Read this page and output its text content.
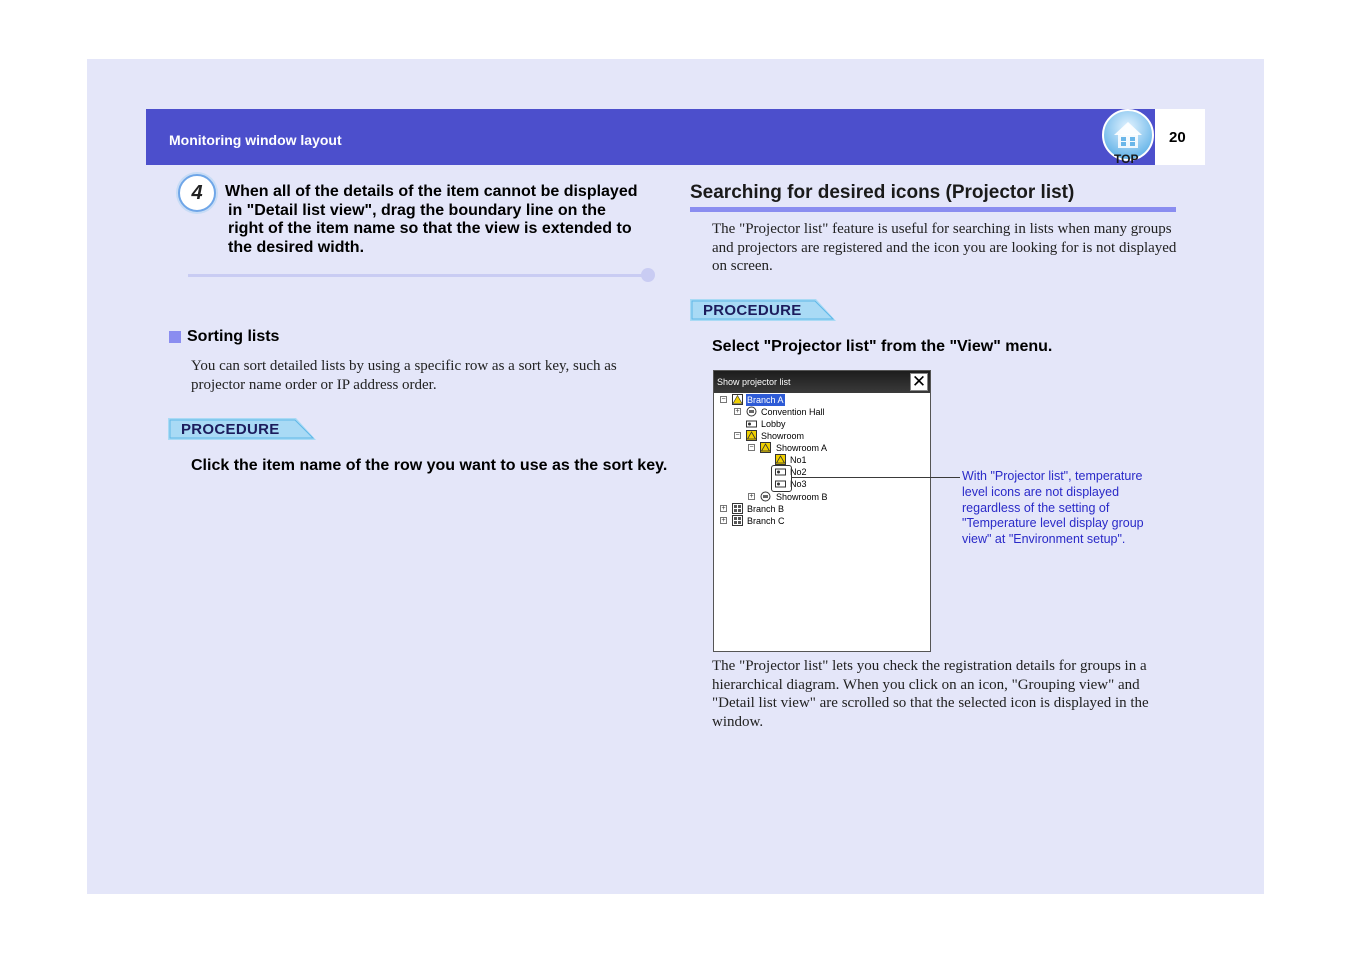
Monitoring window layout	20
TOP
4	When all of the details of the item cannot be displayed
in "Detail list view", drag the boundary line on the
right of the item name so that the view is extended to
the desired width.
Sorting lists
You can sort detailed lists by using a specific row as a sort key, such as projector name order or IP address order.
PROCEDURE
Click the item name of the row you want to use as the sort key.
Searching for desired icons (Projector list)
The "Projector list" feature is useful for searching in lists when many groups and projectors are registered and the icon you are looking for is not displayed on screen.
PROCEDURE
Select "Projector list" from the "View" menu.
Show projector list	✕
− Branch A
+ Convention Hall
Lobby
− Showroom
− Showroom A
No1
No2
No3
+ Showroom B
+ Branch B
+ Branch C
With "Projector list", temperature level icons are not displayed regardless of the setting of "Temperature level display group view" at "Environment setup".
The "Projector list" lets you check the registration details for groups in a hierarchical diagram. When you click on an icon, "Grouping view" and "Detail list view" are scrolled so that the selected icon is displayed in the window.
